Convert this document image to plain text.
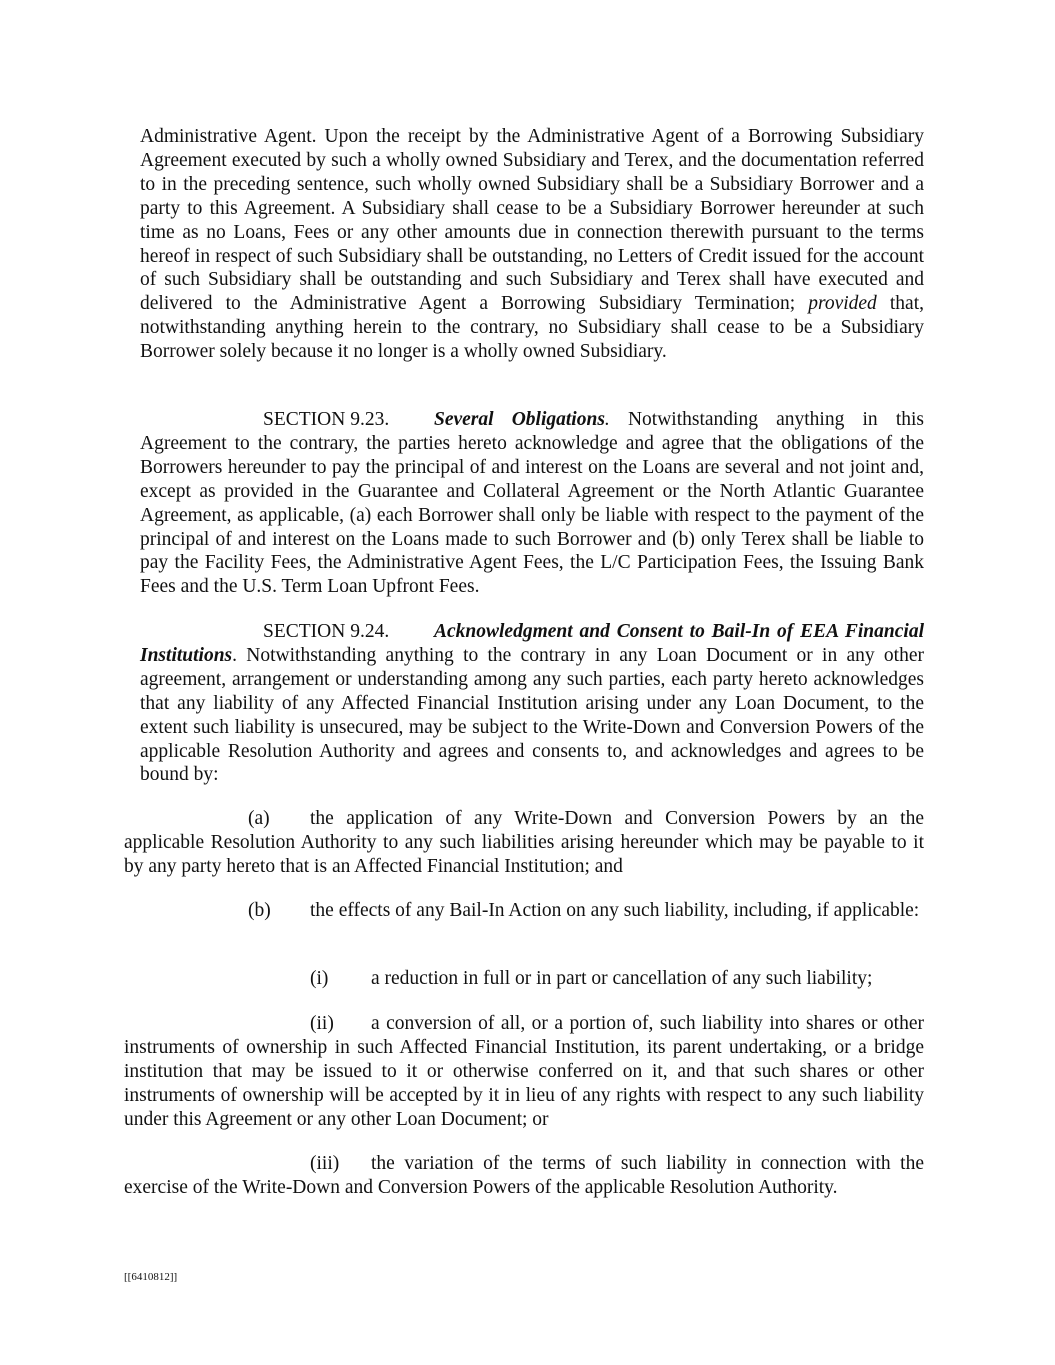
Administrative Agent. Upon the receipt by the Administrative Agent of a Borrowing Subsidiary Agreement executed by such a wholly owned Subsidiary and Terex, and the documentation referred to in the preceding sentence, such wholly owned Subsidiary shall be a Subsidiary Borrower and a party to this Agreement. A Subsidiary shall cease to be a Subsidiary Borrower hereunder at such time as no Loans, Fees or any other amounts due in connection therewith pursuant to the terms hereof in respect of such Subsidiary shall be outstanding, no Letters of Credit issued for the account of such Subsidiary shall be outstanding and such Subsidiary and Terex shall have executed and delivered to the Administrative Agent a Borrowing Subsidiary Termination; provided that, notwithstanding anything herein to the contrary, no Subsidiary shall cease to be a Subsidiary Borrower solely because it no longer is a wholly owned Subsidiary.

SECTION 9.23. Several Obligations. Notwithstanding anything in this Agreement to the contrary, the parties hereto acknowledge and agree that the obligations of the Borrowers hereunder to pay the principal of and interest on the Loans are several and not joint and, except as provided in the Guarantee and Collateral Agreement or the North Atlantic Guarantee Agreement, as applicable, (a) each Borrower shall only be liable with respect to the payment of the principal of and interest on the Loans made to such Borrower and (b) only Terex shall be liable to pay the Facility Fees, the Administrative Agent Fees, the L/C Participation Fees, the Issuing Bank Fees and the U.S. Term Loan Upfront Fees.

SECTION 9.24. Acknowledgment and Consent to Bail-In of EEA Financial Institutions. Notwithstanding anything to the contrary in any Loan Document or in any other agreement, arrangement or understanding among any such parties, each party hereto acknowledges that any liability of any Affected Financial Institution arising under any Loan Document, to the extent such liability is unsecured, may be subject to the Write-Down and Conversion Powers of the applicable Resolution Authority and agrees and consents to, and acknowledges and agrees to be bound by:

(a) the application of any Write-Down and Conversion Powers by an the applicable Resolution Authority to any such liabilities arising hereunder which may be payable to it by any party hereto that is an Affected Financial Institution; and

(b) the effects of any Bail-In Action on any such liability, including, if applicable:

(i) a reduction in full or in part or cancellation of any such liability;

(ii) a conversion of all, or a portion of, such liability into shares or other instruments of ownership in such Affected Financial Institution, its parent undertaking, or a bridge institution that may be issued to it or otherwise conferred on it, and that such shares or other instruments of ownership will be accepted by it in lieu of any rights with respect to any such liability under this Agreement or any other Loan Document; or

(iii) the variation of the terms of such liability in connection with the exercise of the Write-Down and Conversion Powers of the applicable Resolution Authority.

[[6410812]]
